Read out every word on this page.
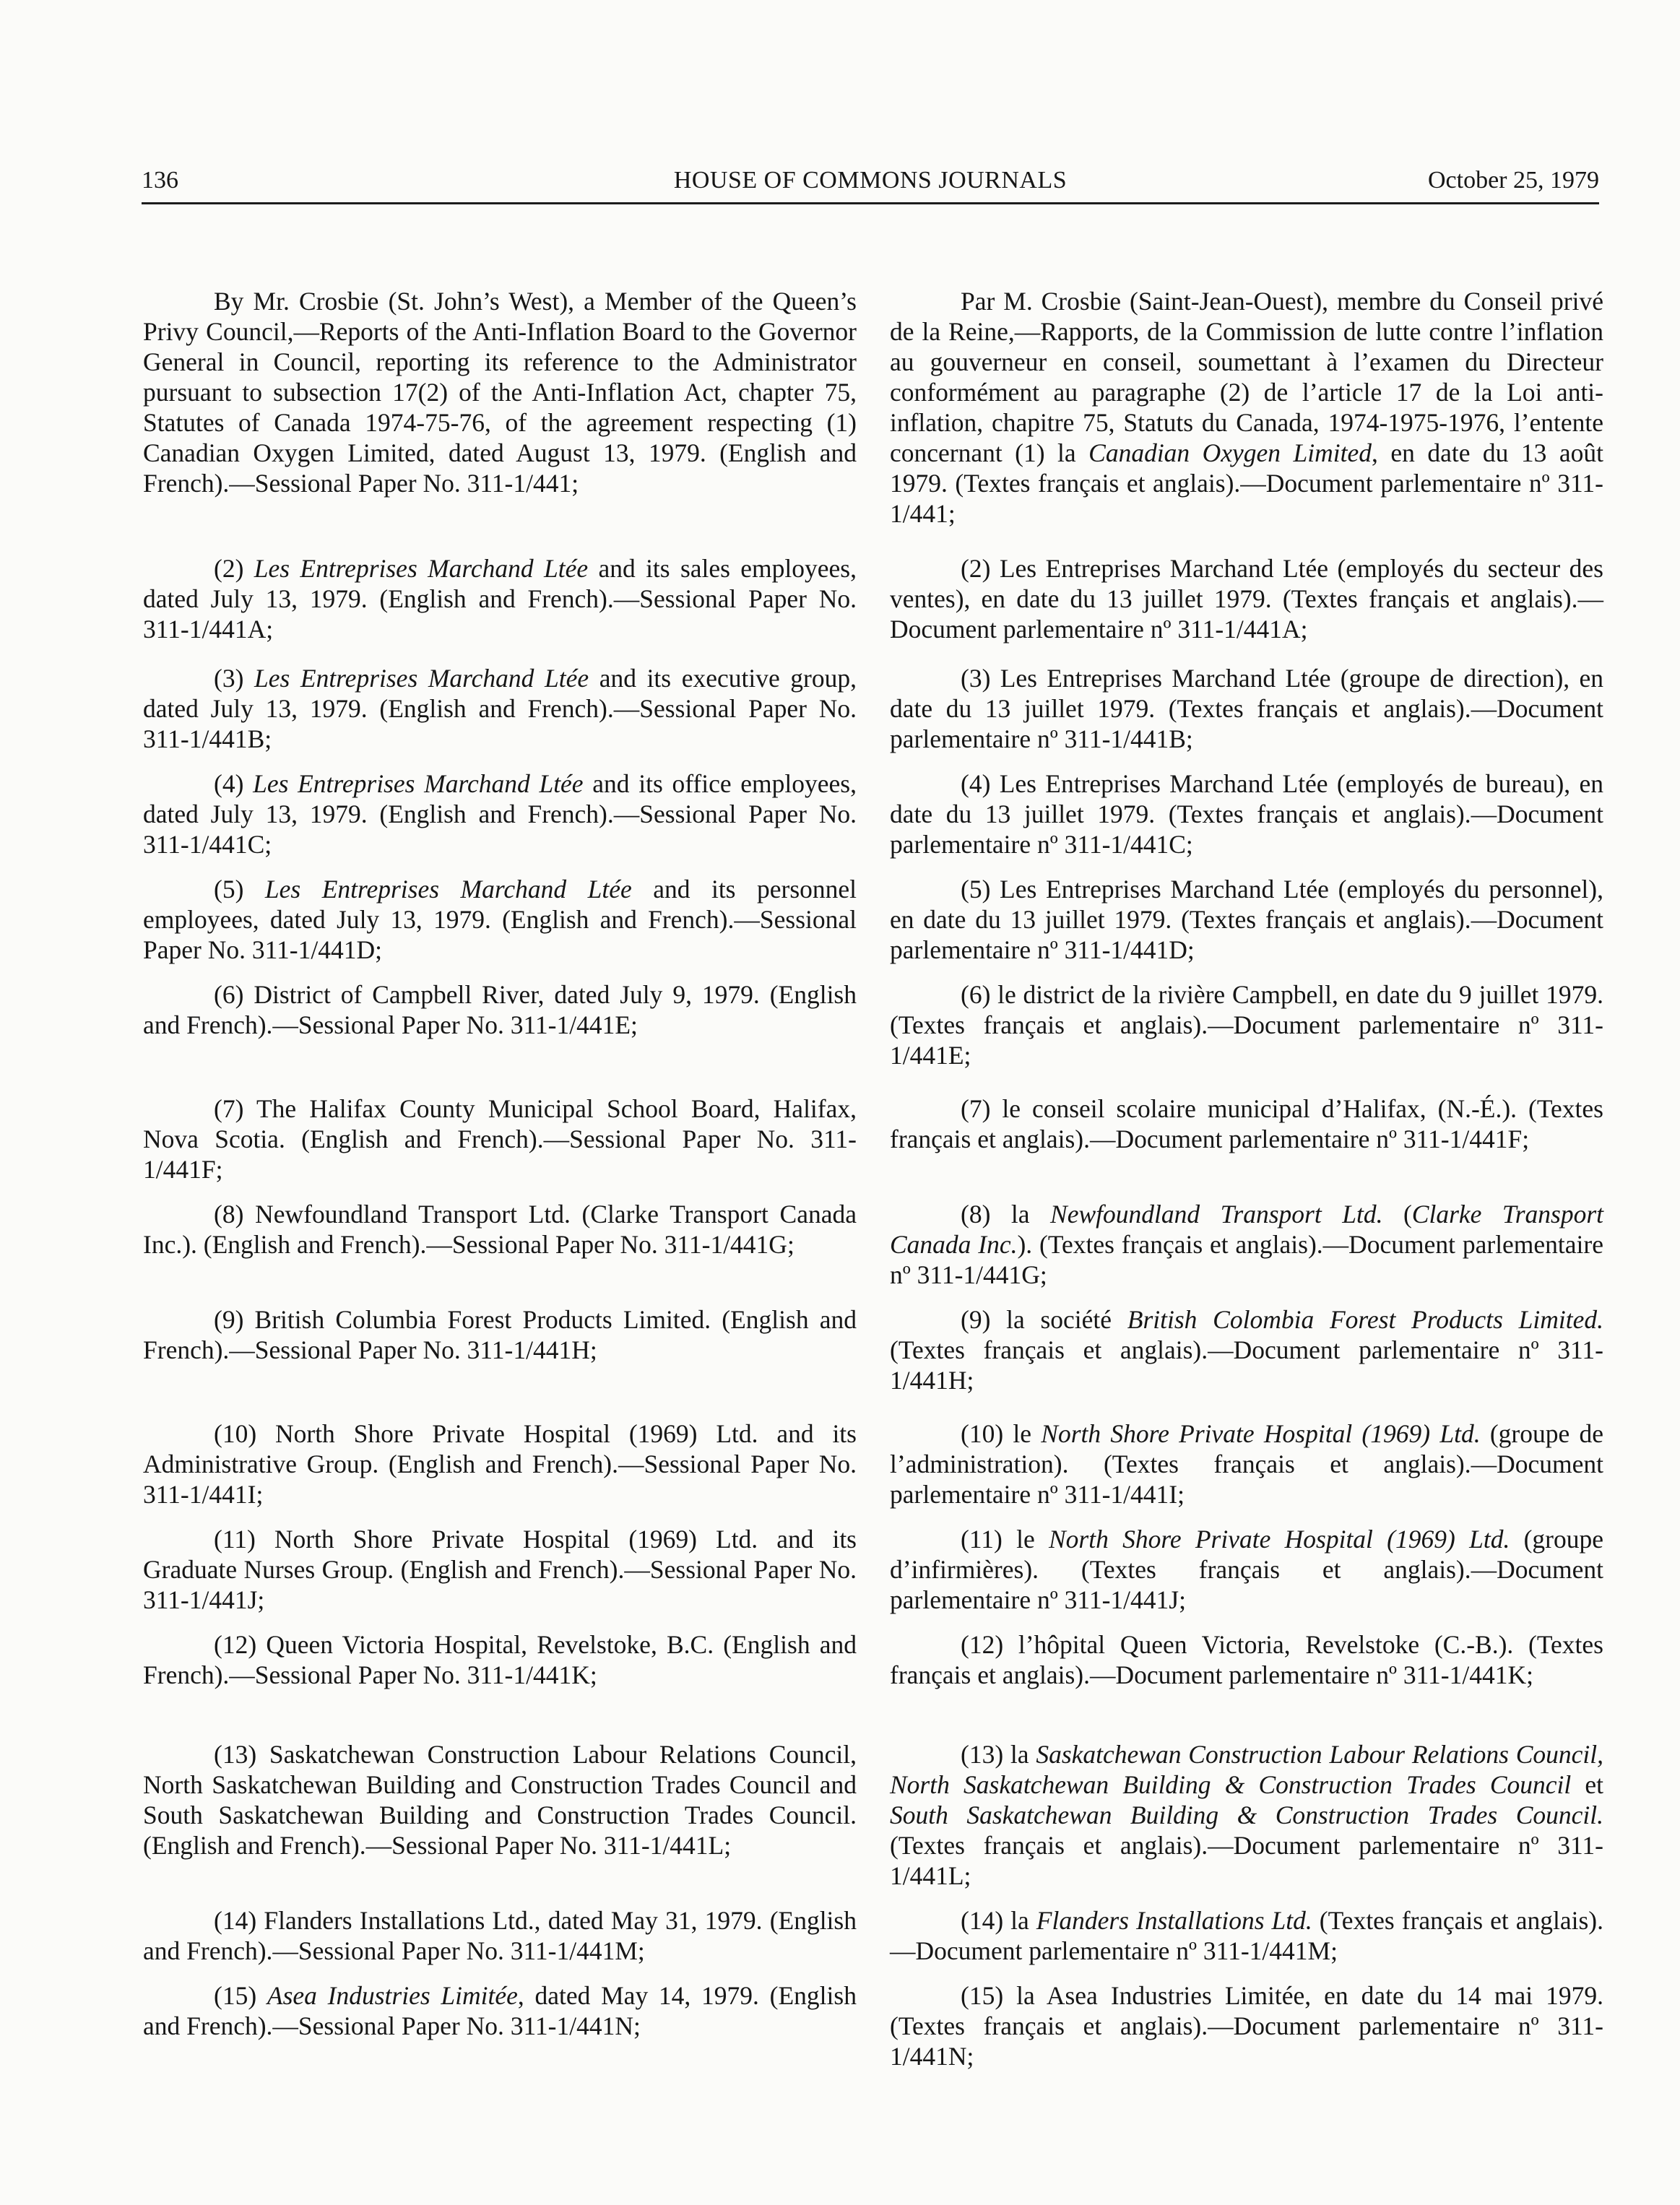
136	HOUSE OF COMMONS JOURNALS	October 25, 1979

By Mr. Crosbie (St. John’s West), a Member of the Queen’s Privy Council,—Reports of the Anti-Inflation Board to the Governor General in Council, reporting its reference to the Administrator pursuant to subsection 17(2) of the Anti-Inflation Act, chapter 75, Statutes of Canada 1974-75-76, of the agreement respecting (1) Canadian Oxygen Limited, dated August 13, 1979. (English and French).—Sessional Paper No. 311-1/441;

(2) Les Entreprises Marchand Ltée and its sales employees, dated July 13, 1979. (English and French).—Sessional Paper No. 311-1/441A;

(3) Les Entreprises Marchand Ltée and its executive group, dated July 13, 1979. (English and French).—Sessional Paper No. 311-1/441B;

(4) Les Entreprises Marchand Ltée and its office employees, dated July 13, 1979. (English and French).—Sessional Paper No. 311-1/441C;

(5) Les Entreprises Marchand Ltée and its personnel employees, dated July 13, 1979. (English and French).—Sessional Paper No. 311-1/441D;

(6) District of Campbell River, dated July 9, 1979. (English and French).—Sessional Paper No. 311-1/441E;

(7) The Halifax County Municipal School Board, Halifax, Nova Scotia. (English and French).—Sessional Paper No. 311-1/441F;

(8) Newfoundland Transport Ltd. (Clarke Transport Canada Inc.). (English and French).—Sessional Paper No. 311-1/441G;

(9) British Columbia Forest Products Limited. (English and French).—Sessional Paper No. 311-1/441H;

(10) North Shore Private Hospital (1969) Ltd. and its Administrative Group. (English and French).—Sessional Paper No. 311-1/441I;

(11) North Shore Private Hospital (1969) Ltd. and its Graduate Nurses Group. (English and French).—Sessional Paper No. 311-1/441J;

(12) Queen Victoria Hospital, Revelstoke, B.C. (English and French).—Sessional Paper No. 311-1/441K;

(13) Saskatchewan Construction Labour Relations Council, North Saskatchewan Building and Construction Trades Council and South Saskatchewan Building and Construction Trades Council. (English and French).—Sessional Paper No. 311-1/441L;

(14) Flanders Installations Ltd., dated May 31, 1979. (English and French).—Sessional Paper No. 311-1/441M;

(15) Asea Industries Limitée, dated May 14, 1979. (English and French).—Sessional Paper No. 311-1/441N;

Par M. Crosbie (Saint-Jean-Ouest), membre du Conseil privé de la Reine,—Rapports, de la Commission de lutte contre l’inflation au gouverneur en conseil, soumettant à l’examen du Directeur conformément au paragraphe (2) de l’article 17 de la Loi anti-inflation, chapitre 75, Statuts du Canada, 1974-1975-1976, l’entente concernant (1) la Canadian Oxygen Limited, en date du 13 août 1979. (Textes français et anglais).—Document parlementaire nº 311-1/441;

(2) Les Entreprises Marchand Ltée (employés du secteur des ventes), en date du 13 juillet 1979. (Textes français et anglais).—Document parlementaire nº 311-1/441A;

(3) Les Entreprises Marchand Ltée (groupe de direction), en date du 13 juillet 1979. (Textes français et anglais).—Document parlementaire nº 311-1/441B;

(4) Les Entreprises Marchand Ltée (employés de bureau), en date du 13 juillet 1979. (Textes français et anglais).—Document parlementaire nº 311-1/441C;

(5) Les Entreprises Marchand Ltée (employés du personnel), en date du 13 juillet 1979. (Textes français et anglais).—Document parlementaire nº 311-1/441D;

(6) le district de la rivière Campbell, en date du 9 juillet 1979. (Textes français et anglais).—Document parlementaire nº 311-1/441E;

(7) le conseil scolaire municipal d’Halifax, (N.-É.). (Textes français et anglais).—Document parlementaire nº 311-1/441F;

(8) la Newfoundland Transport Ltd. (Clarke Transport Canada Inc.). (Textes français et anglais).—Document parlementaire nº 311-1/441G;

(9) la société British Colombia Forest Products Limited. (Textes français et anglais).—Document parlementaire nº 311-1/441H;

(10) le North Shore Private Hospital (1969) Ltd. (groupe de l’administration). (Textes français et anglais).—Document parlementaire nº 311-1/441I;

(11) le North Shore Private Hospital (1969) Ltd. (groupe d’infirmières). (Textes français et anglais).—Document parlementaire nº 311-1/441J;

(12) l’hôpital Queen Victoria, Revelstoke (C.-B.). (Textes français et anglais).—Document parlementaire nº 311-1/441K;

(13) la Saskatchewan Construction Labour Relations Council, North Saskatchewan Building & Construction Trades Council et South Saskatchewan Building & Construction Trades Council. (Textes français et anglais).—Document parlementaire nº 311-1/441L;

(14) la Flanders Installations Ltd. (Textes français et anglais).—Document parlementaire nº 311-1/441M;

(15) la Asea Industries Limitée, en date du 14 mai 1979. (Textes français et anglais).—Document parlementaire nº 311-1/441N;
